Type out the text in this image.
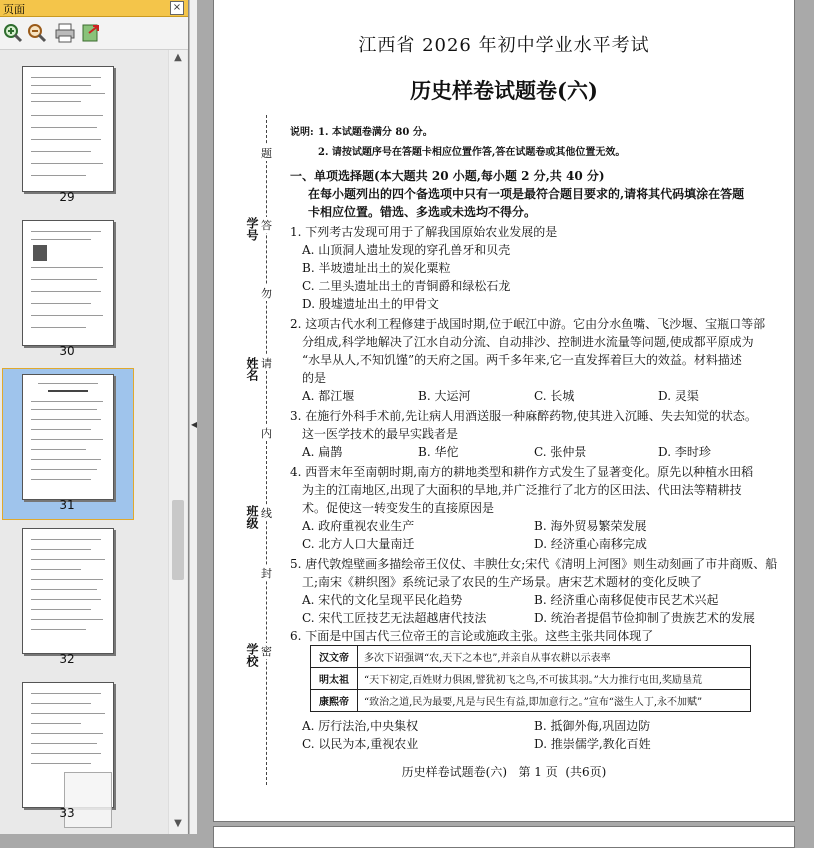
页面	×
29
30
31
32
33
▲
▼
◀
江西省 2026 年初中学业水平考试
历史样卷试题卷(六)
说明: 1. 本试题卷满分 80 分。
2. 请按试题序号在答题卡相应位置作答,答在试题卷或其他位置无效。
一、单项选择题(本大题共 20 小题,每小题 2 分,共 40 分)
在每小题列出的四个备选项中只有一项是最符合题目要求的,请将其代码填涂在答题
卡相应位置。错选、多选或未选均不得分。
学号
姓名
班级
学校
题
答
勿
请
内
线
封
密
1. 下列考古发现可用于了解我国原始农业发展的是
A. 山顶洞人遗址发现的穿孔兽牙和贝壳
B. 半坡遗址出土的炭化粟粒
C. 二里头遗址出土的青铜爵和绿松石龙
D. 殷墟遗址出土的甲骨文
2. 这项古代水利工程修建于战国时期,位于岷江中游。它由分水鱼嘴、飞沙堰、宝瓶口等部
分组成,科学地解决了江水自动分流、自动排沙、控制进水流量等问题,使成都平原成为
“水旱从人,不知饥馑”的天府之国。两千多年来,它一直发挥着巨大的效益。材料描述
的是
A. 都江堰	B. 大运河	C. 长城	D. 灵渠
3. 在施行外科手术前,先让病人用酒送服一种麻醉药物,使其进入沉睡、失去知觉的状态。
这一医学技术的最早实践者是
A. 扁鹊	B. 华佗	C. 张仲景	D. 李时珍
4. 西晋末年至南朝时期,南方的耕地类型和耕作方式发生了显著变化。原先以种植水田稻
为主的江南地区,出现了大面积的旱地,并广泛推行了北方的区田法、代田法等精耕技
术。促使这一转变发生的直接原因是
A. 政府重视农业生产	B. 海外贸易繁荣发展
C. 北方人口大量南迁	D. 经济重心南移完成
5. 唐代敦煌壁画多描绘帝王仪仗、丰腴仕女;宋代《清明上河图》则生动刻画了市井商贩、船
工;南宋《耕织图》系统记录了农民的生产场景。唐宋艺术题材的变化反映了
A. 宋代的文化呈现平民化趋势	B. 经济重心南移促使市民艺术兴起
C. 宋代工匠技艺无法超越唐代技法	D. 统治者提倡节俭抑制了贵族艺术的发展
6. 下面是中国古代三位帝王的言论或施政主张。这些主张共同体现了
汉文帝	多次下诏强调“农,天下之本也”,并亲自从事农耕以示表率
明太祖	“天下初定,百姓财力俱困,譬犹初飞之鸟,不可拔其羽。”大力推行屯田,奖励垦荒
康熙帝	“致治之道,民为最要,凡是与民生有益,即加意行之。”宣布“滋生人丁,永不加赋”
A. 厉行法治,中央集权	B. 抵御外侮,巩固边防
C. 以民为本,重视农业	D. 推崇儒学,教化百姓
历史样卷试题卷(六)   第 1 页  (共6页)
